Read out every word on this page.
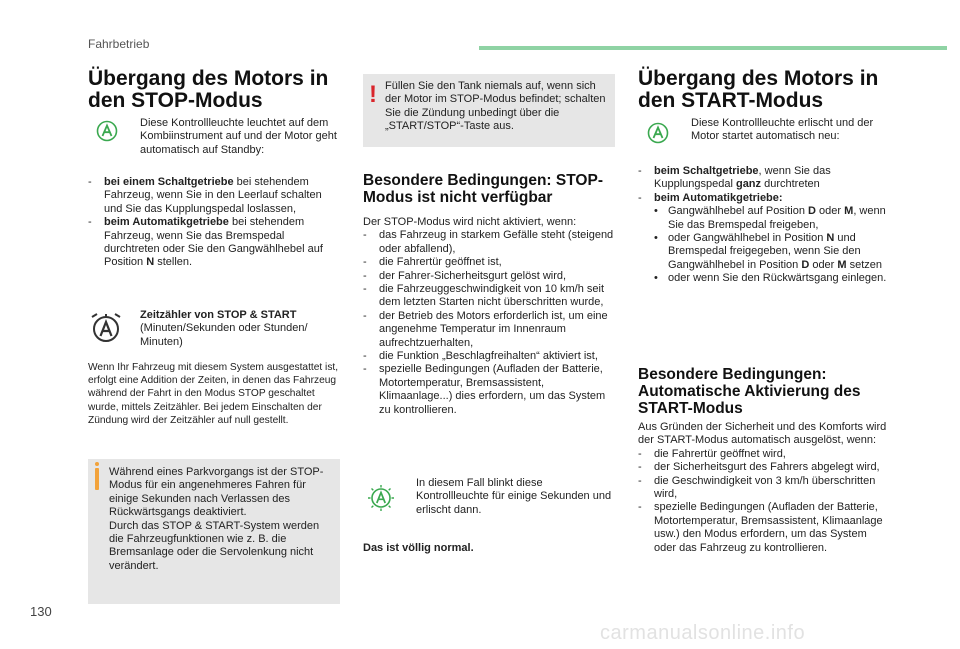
Fahrbetrieb
130
carmanualsonline.info
Übergang des Motors in
den STOP-Modus
Diese Kontrollleuchte leuchtet auf dem Kombiinstrument auf und der Motor geht automatisch auf Standby:
-	bei einem Schaltgetriebe bei stehendem Fahrzeug, wenn Sie in den Leerlauf schalten und Sie das Kupplungspedal loslassen,
-	beim Automatikgetriebe bei stehendem Fahrzeug, wenn Sie das Bremspedal durchtreten oder Sie den Gangwählhebel auf Position N stellen.
Zeitzähler von STOP & START
(Minuten/Sekunden oder Stunden/ Minuten)
Wenn Ihr Fahrzeug mit diesem System ausgestattet ist, erfolgt eine Addition der Zeiten, in denen das Fahrzeug während der Fahrt in den Modus STOP geschaltet wurde, mittels Zeitzähler. Bei jedem Einschalten der Zündung wird der Zeitzähler auf null gestellt.

Während eines Parkvorgangs ist der STOP-Modus für ein angenehmeres Fahren für einige Sekunden nach Verlassen des Rückwärtsgangs deaktiviert.

Durch das STOP & START-System werden die Fahrzeugfunktionen wie z. B. die Bremsanlage oder die Servolenkung nicht verändert.

! Füllen Sie den Tank niemals auf, wenn sich der Motor im STOP-Modus befindet; schalten Sie die Zündung unbedingt über die „START/STOP“-Taste aus.
Besondere Bedingungen: STOP-
Modus ist nicht verfügbar

Der STOP-Modus wird nicht aktiviert, wenn:

-	das Fahrzeug in starkem Gefälle steht (steigend oder abfallend),
-	die Fahrertür geöffnet ist,
-	der Fahrer-Sicherheitsgurt gelöst wird,
-	die Fahrzeuggeschwindigkeit von 10 km/h seit dem letzten Starten nicht überschritten wurde,
-	der Betrieb des Motors erforderlich ist, um eine angenehme Temperatur im Innenraum aufrechtzuerhalten,
-	die Funktion „Beschlagfreihalten“ aktiviert ist,
-	spezielle Bedingungen (Aufladen der Batterie, Motortemperatur, Bremsassistent, Klimaanlage...) dies erfordern, um das System zu kontrollieren.
In diesem Fall blinkt diese Kontrollleuchte für einige Sekunden und erlischt dann.
Das ist völlig normal.
Übergang des Motors in
den START-Modus
Diese Kontrollleuchte erlischt und der Motor startet automatisch neu:
-	beim Schaltgetriebe, wenn Sie das Kupplungspedal ganz durchtreten
-	beim Automatikgetriebe:
• Gangwählhebel auf Position D oder M, wenn Sie das Bremspedal freigeben,
• oder Gangwählhebel in Position N und Bremspedal freigegeben, wenn Sie den Gangwählhebel in Position D oder M setzen
• oder wenn Sie den Rückwärtsgang einlegen.
Besondere Bedingungen:
Automatische Aktivierung des
START-Modus

Aus Gründen der Sicherheit und des Komforts wird der START-Modus automatisch ausgelöst, wenn:

-	die Fahrertür geöffnet wird,
-	der Sicherheitsgurt des Fahrers abgelegt wird,
-	die Geschwindigkeit von 3 km/h überschritten wird,
-	spezielle Bedingungen (Aufladen der Batterie, Motortemperatur, Bremsassistent, Klimaanlage usw.) den Modus erfordern, um das System oder das Fahrzeug zu kontrollieren.
